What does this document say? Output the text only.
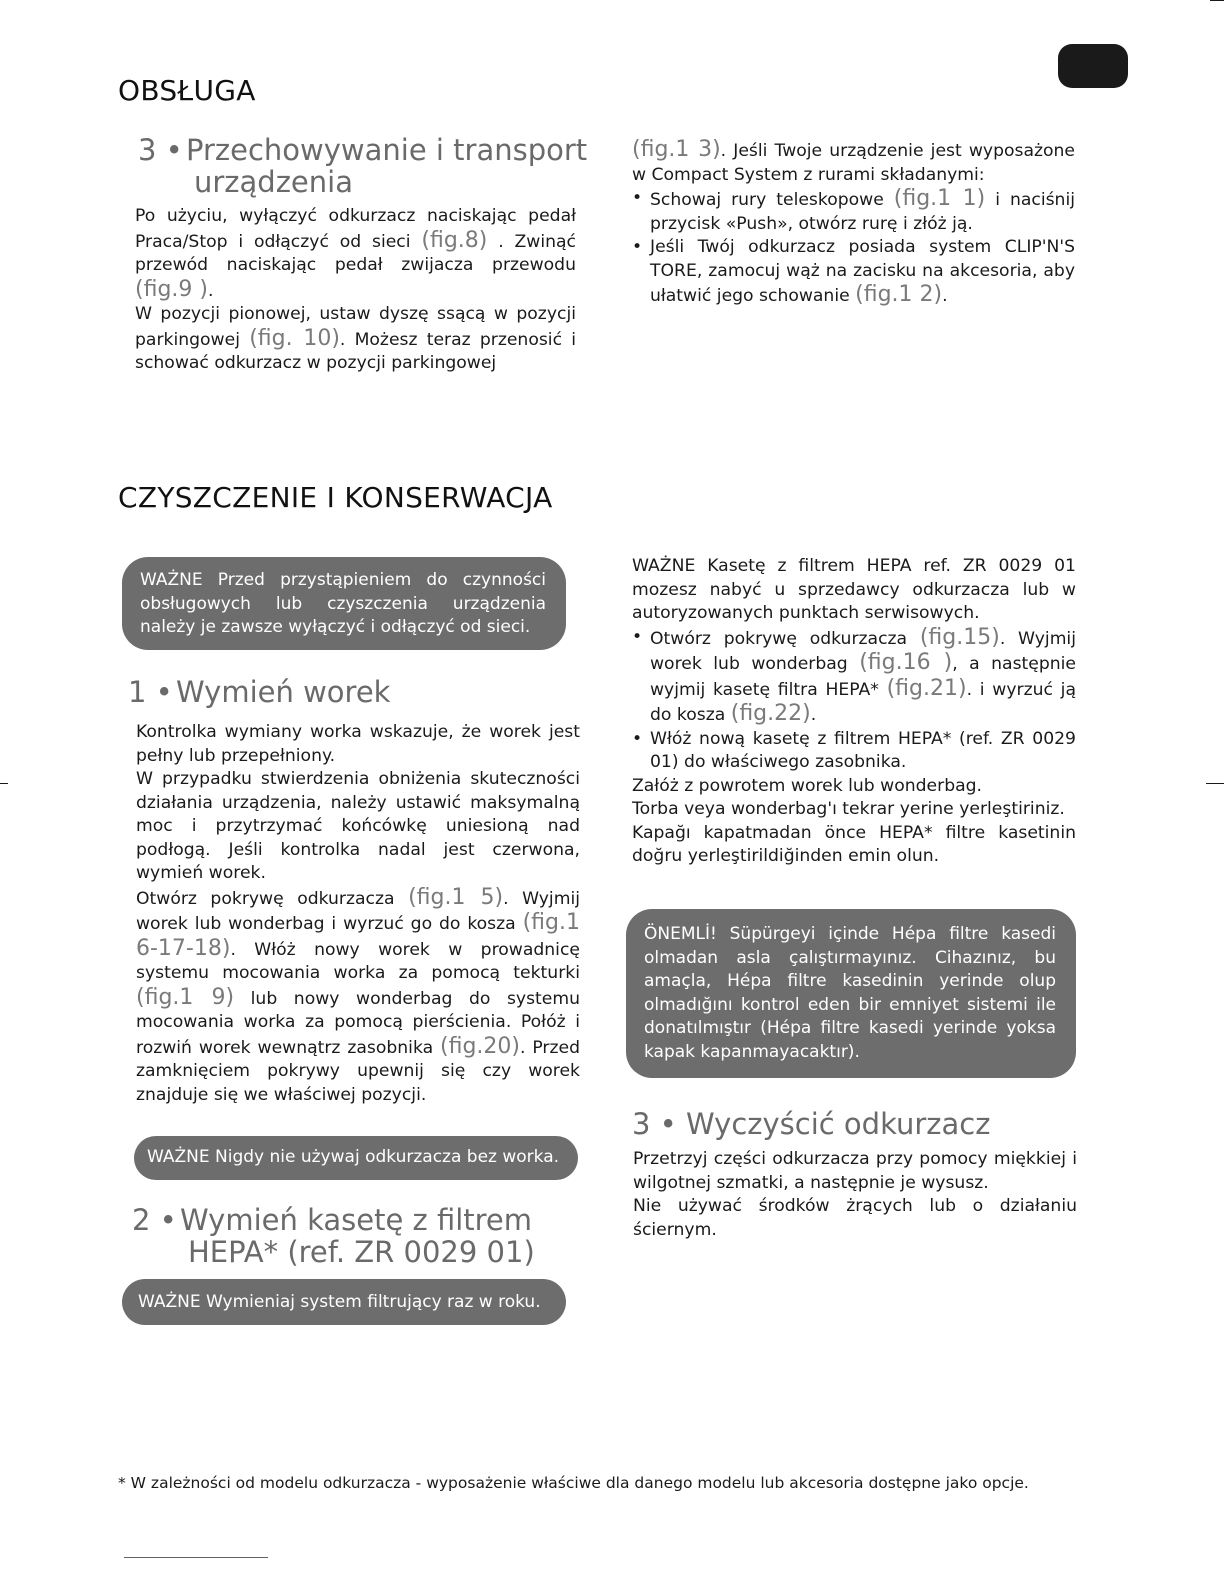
OBSŁUGA
3 • Przechowywanie i transport
urządzenia

Po użyciu, wyłączyć odkurzacz naciskając pedał Praca/Stop i odłączyć od sieci (fig.8) . Zwinąć przewód naciskając pedał zwijacza przewodu (fig.9 ).

W pozycji pionowej, ustaw dyszę ssącą w pozycji parkingowej (fig. 10). Możesz teraz przenosić i schować odkurzacz w pozycji parkingowej

(fig.1 3). Jeśli Twoje urządzenie jest wyposażone w Compact System z rurami składanymi:

• Schowaj rury teleskopowe (fig.1 1) i naciśnij przycisk «Push», otwórz rurę i złóż ją.
• Jeśli Twój odkurzacz posiada system CLIP'N'S TORE, zamocuj wąż na zacisku na akcesoria, aby ułatwić jego schowanie (fig.1 2).
CZYSZCZENIE I KONSERWACJA
WAŻNE Przed przystąpieniem do czynności obsługowych lub czyszczenia urządzenia należy je zawsze wyłączyć i odłączyć od sieci.
1 • Wymień worek

Kontrolka wymiany worka wskazuje, że worek jest pełny lub przepełniony.

W przypadku stwierdzenia obniżenia skuteczności działania urządzenia, należy ustawić maksymalną moc i przytrzymać końcówkę uniesioną nad podłogą. Jeśli kontrolka nadal jest czerwona, wymień worek.

Otwórz pokrywę odkurzacza (fig.1 5). Wyjmij worek lub wonderbag i wyrzuć go do kosza (fig.1 6-17-18). Włóż nowy worek w prowadnicę systemu mocowania worka za pomocą tekturki (fig.1 9) lub nowy wonderbag do systemu mocowania worka za pomocą pierścienia. Połóż i rozwiń worek wewnątrz zasobnika (fig.20). Przed zamknięciem pokrywy upewnij się czy worek znajduje się we właściwej pozycji.

WAŻNE Nigdy nie używaj odkurzacza bez worka.
2 • Wymień kasetę z filtrem
HEPA* (ref. ZR 0029 01)
WAŻNE Wymieniaj system filtrujący raz w roku.

WAŻNE Kasetę z filtrem HEPA ref. ZR 0029 01 mozesz nabyć u sprzedawcy odkurzacza lub w autoryzowanych punktach serwisowych.

• Otwórz pokrywę odkurzacza (fig.15). Wyjmij worek lub wonderbag (fig.16 ), a następnie wyjmij kasetę filtra HEPA* (fig.21). i wyrzuć ją do kosza (fig.22).
• Włóż nową kasetę z filtrem HEPA* (ref. ZR 0029 01) do właściwego zasobnika.

Załóż z powrotem worek lub wonderbag.

Torba veya wonderbag'ı tekrar yerine yerleştiriniz.

Kapağı kapatmadan önce HEPA* filtre kasetinin doğru yerleştirildiğinden emin olun.

ÖNEMLİ! Süpürgeyi içinde Hépa filtre kasedi olmadan asla çalıştırmayınız. Cihazınız, bu amaçla, Hépa filtre kasedinin yerinde olup olmadığını kontrol eden bir emniyet sistemi ile donatılmıştır (Hépa filtre kasedi yerinde yoksa kapak kapanmayacaktır).
3 • Wyczyścić odkurzacz

Przetrzyj części odkurzacza przy pomocy miękkiej i wilgotnej szmatki, a następnie je wysusz.

Nie używać środków żrących lub o działaniu ściernym.

* W zależności od modelu odkurzacza - wyposażenie właściwe dla danego modelu lub akcesoria dostępne jako opcje.
